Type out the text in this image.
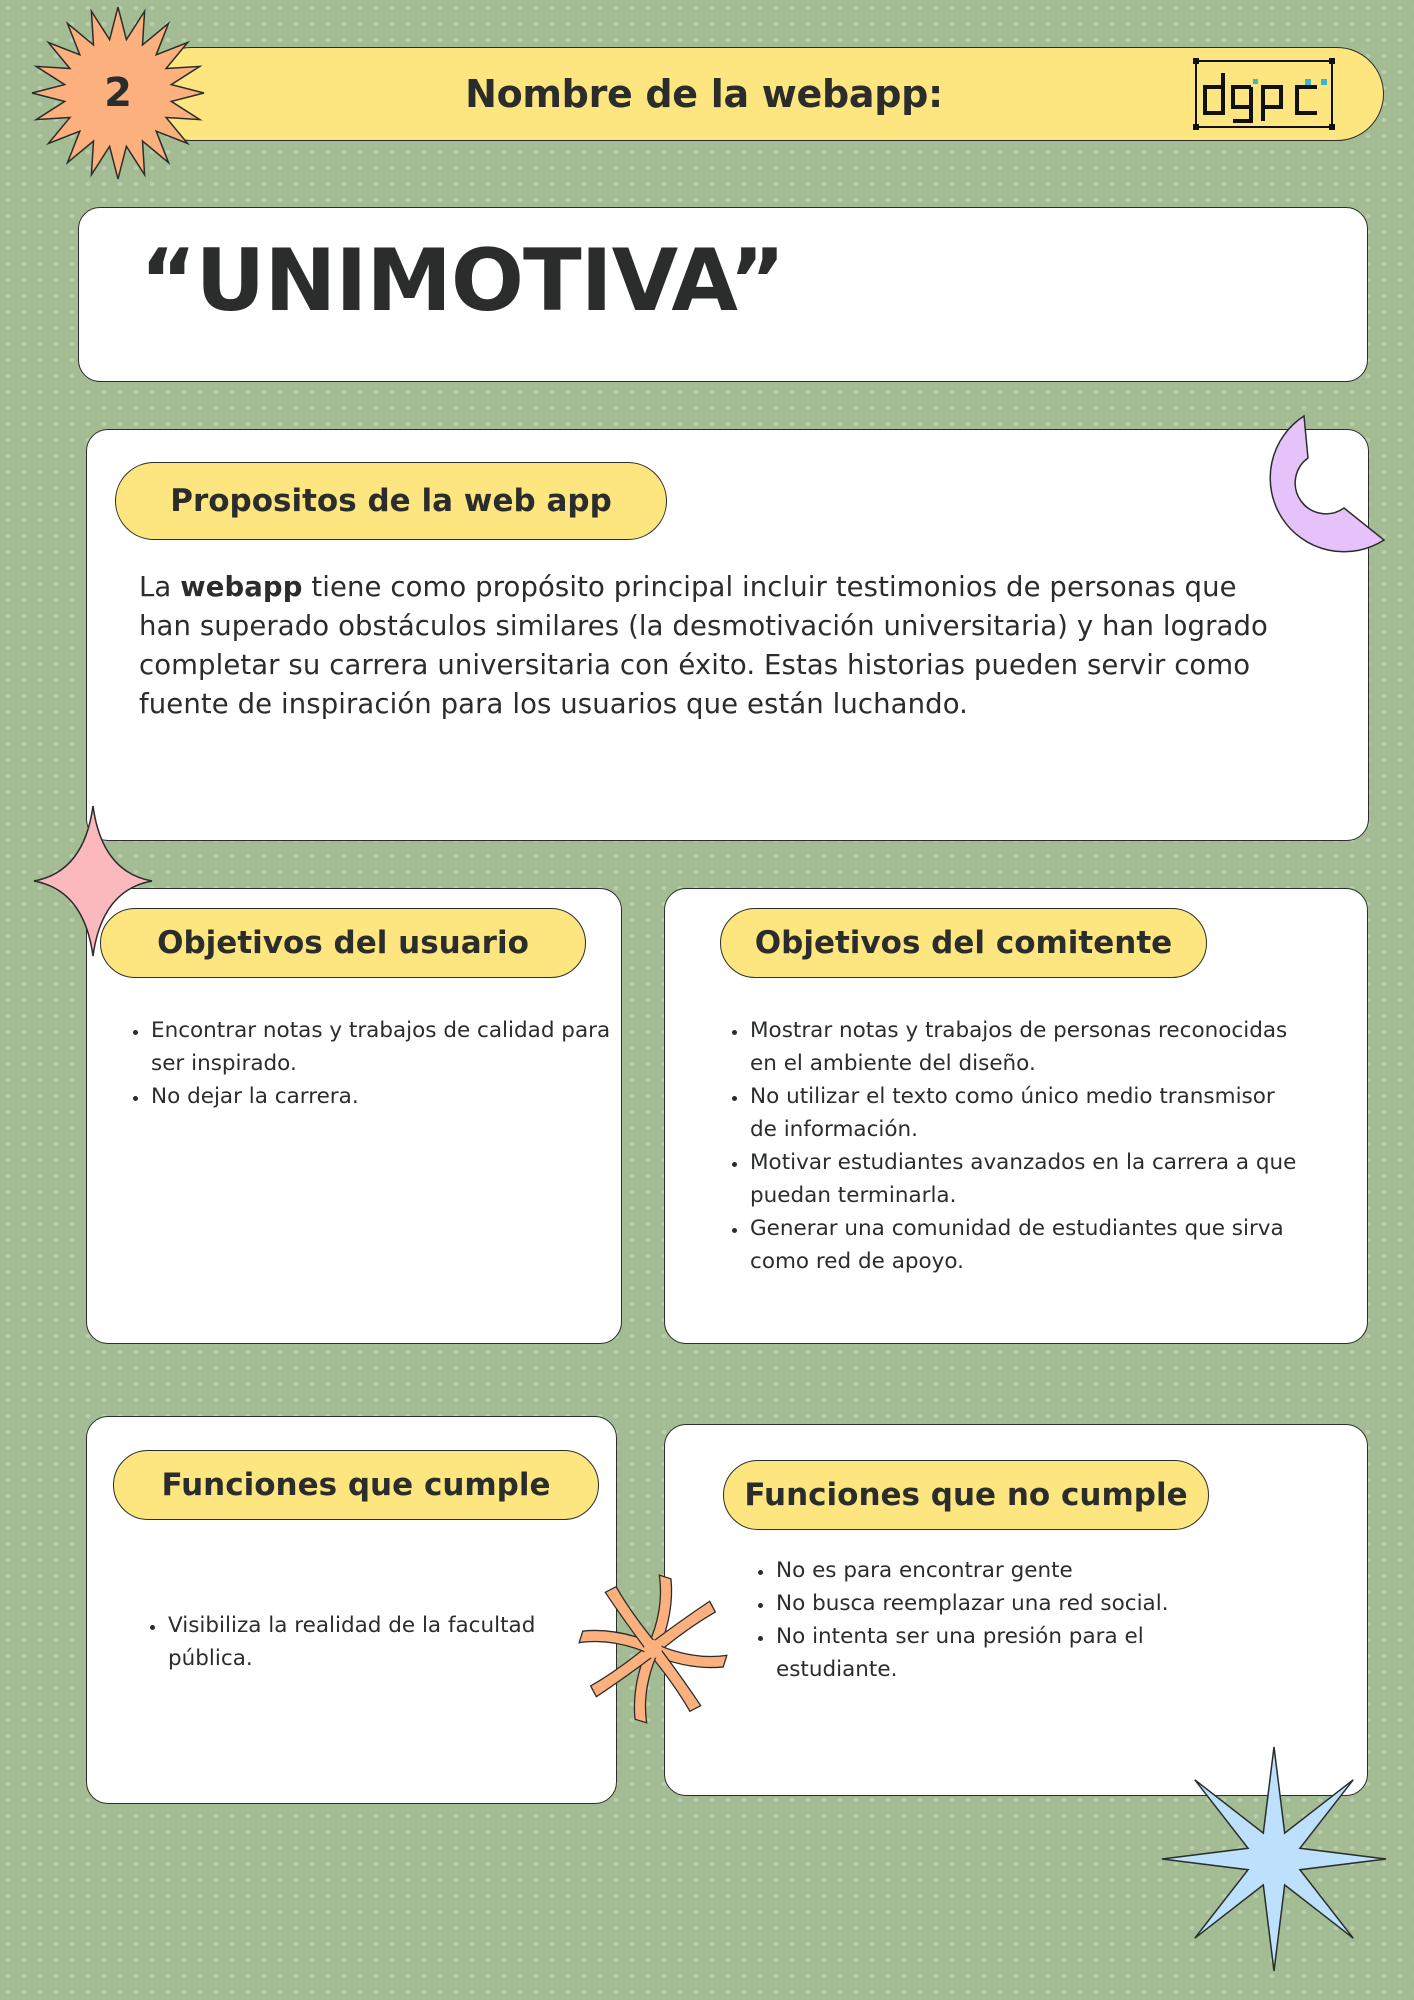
Nombre de la webapp:
2
“UNIMOTIVA”
Propositos de la web app
La webapp tiene como propósito principal incluir testimonios de personas que han superado obstáculos similares (la desmotivación universitaria) y han logrado completar su carrera universitaria con éxito. Estas historias pueden servir como fuente de inspiración para los usuarios que están luchando.
Objetivos del usuario
• Encontrar notas y trabajos de calidad para ser inspirado.
• No dejar la carrera.
Objetivos del comitente
• Mostrar notas y trabajos de personas reconocidas en el ambiente del diseño.
• No utilizar el texto como único medio transmisor de información.
• Motivar estudiantes avanzados en la carrera a que puedan terminarla.
• Generar una comunidad de estudiantes que sirva como red de apoyo.
Funciones que cumple
• Visibiliza la realidad de la facultad pública.
Funciones que no cumple
• No es para encontrar gente
• No busca reemplazar una red social.
• No intenta ser una presión para el estudiante.
